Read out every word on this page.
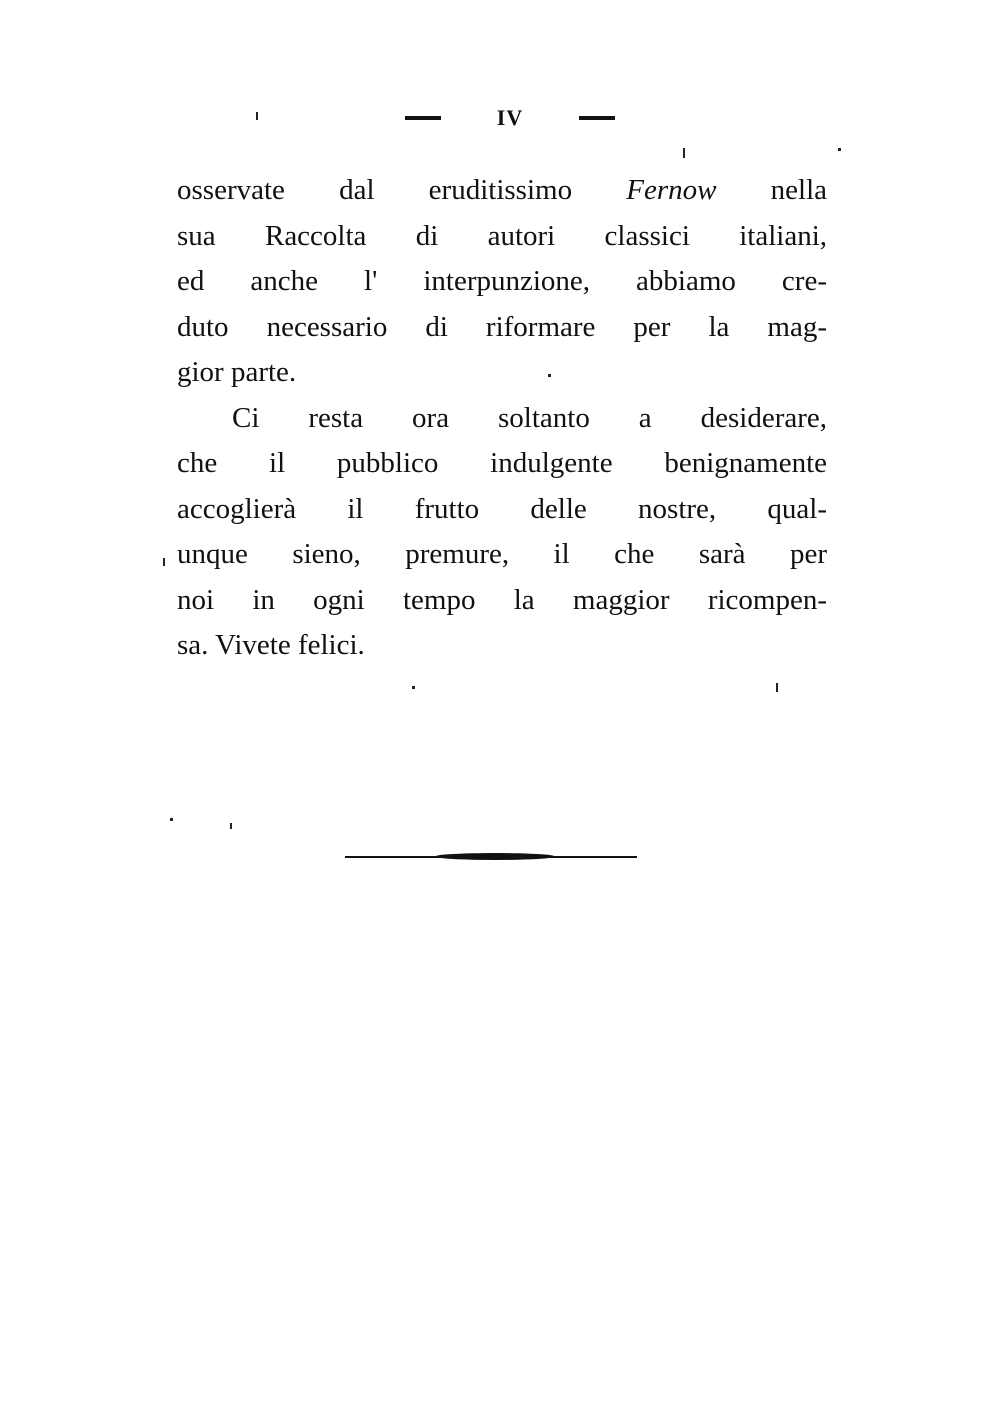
IV
osservate dal eruditissimo Fernow nella
sua Raccolta di autori classici italiani,
ed anche l' interpunzione, abbiamo cre-
duto necessario di riformare per la mag-
gior parte.
Ci resta ora soltanto a desiderare,
che il pubblico indulgente benignamente
accoglierà il frutto delle nostre, qual-
unque sieno, premure, il che sarà per
noi in ogni tempo la maggior ricompen-
sa. Vivete felici.
